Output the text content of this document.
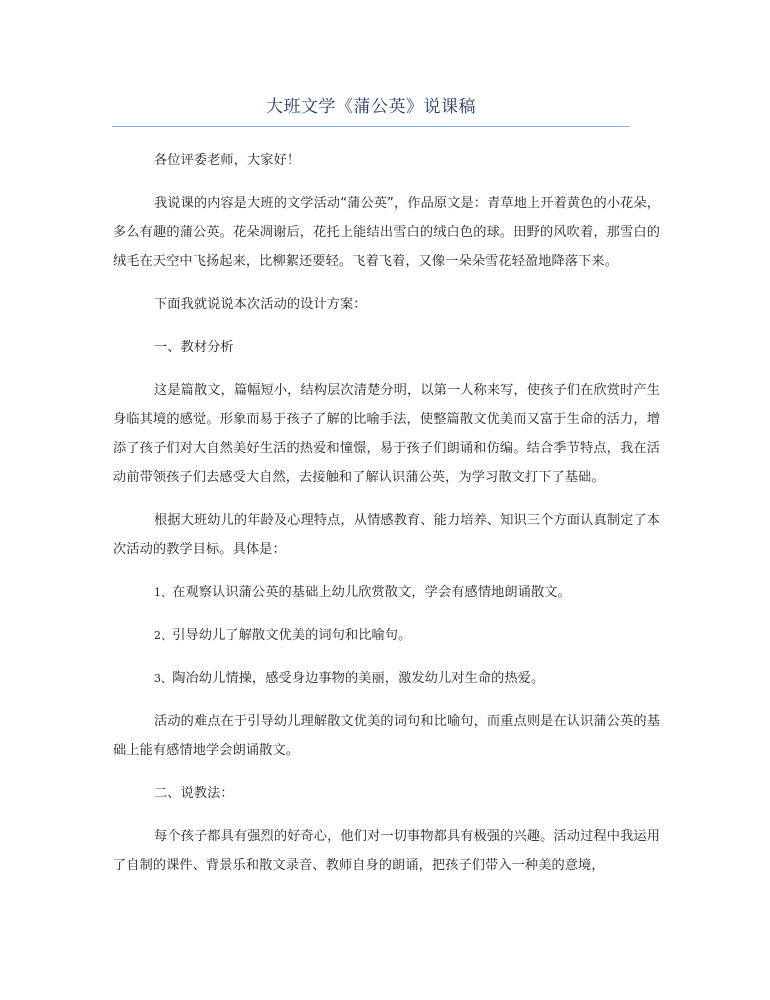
大班文学《蒲公英》说课稿

各位评委老师，大家好！

我说课的内容是大班的文学活动“蒲公英”，作品原文是：青草地上开着黄色的小花朵，多么有趣的蒲公英。花朵凋谢后，花托上能结出雪白的绒白色的球。田野的风吹着，那雪白的绒毛在天空中飞扬起来，比柳絮还要轻。飞着飞着，又像一朵朵雪花轻盈地降落下来。

下面我就说说本次活动的设计方案：

一、教材分析

这是篇散文，篇幅短小，结构层次清楚分明，以第一人称来写，使孩子们在欣赏时产生身临其境的感觉。形象而易于孩子了解的比喻手法，使整篇散文优美而又富于生命的活力，增添了孩子们对大自然美好生活的热爱和憧憬，易于孩子们朗诵和仿编。结合季节特点，我在活动前带领孩子们去感受大自然，去接触和了解认识蒲公英，为学习散文打下了基础。

根据大班幼儿的年龄及心理特点，从情感教育、能力培养、知识三个方面认真制定了本次活动的教学目标。具体是：

1、在观察认识蒲公英的基础上幼儿欣赏散文，学会有感情地朗诵散文。

2、引导幼儿了解散文优美的词句和比喻句。

3、陶冶幼儿情操，感受身边事物的美丽，激发幼儿对生命的热爱。

活动的难点在于引导幼儿理解散文优美的词句和比喻句，而重点则是在认识蒲公英的基础上能有感情地学会朗诵散文。

二、说教法：

每个孩子都具有强烈的好奇心，他们对一切事物都具有极强的兴趣。活动过程中我运用了自制的课件、背景乐和散文录音、教师自身的朗诵，把孩子们带入一种美的意境，
